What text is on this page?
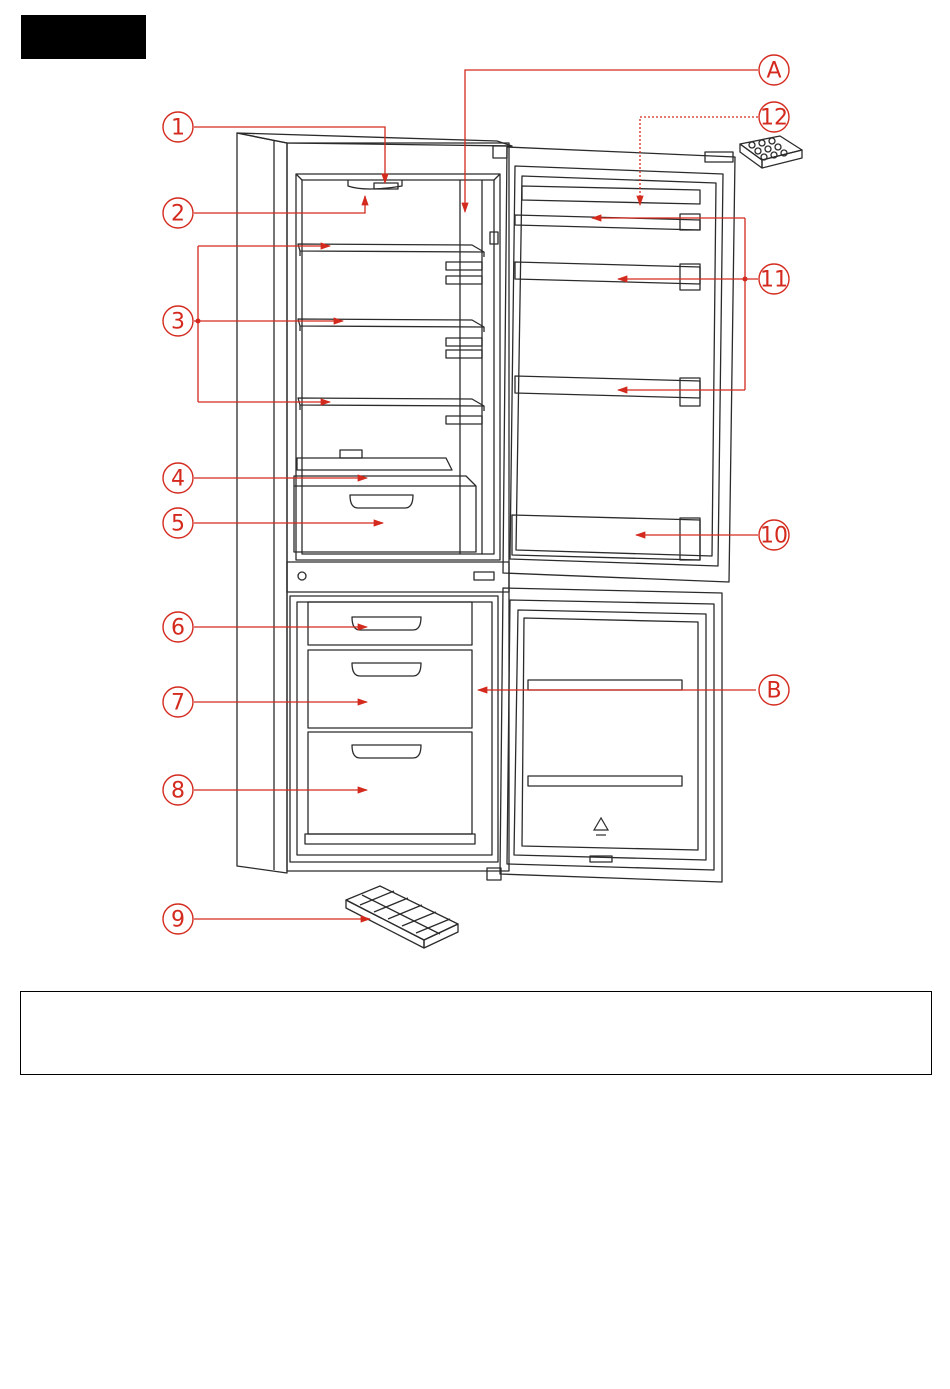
1
2
3
4
5
6
7
8
9
A
12
11
10
B
